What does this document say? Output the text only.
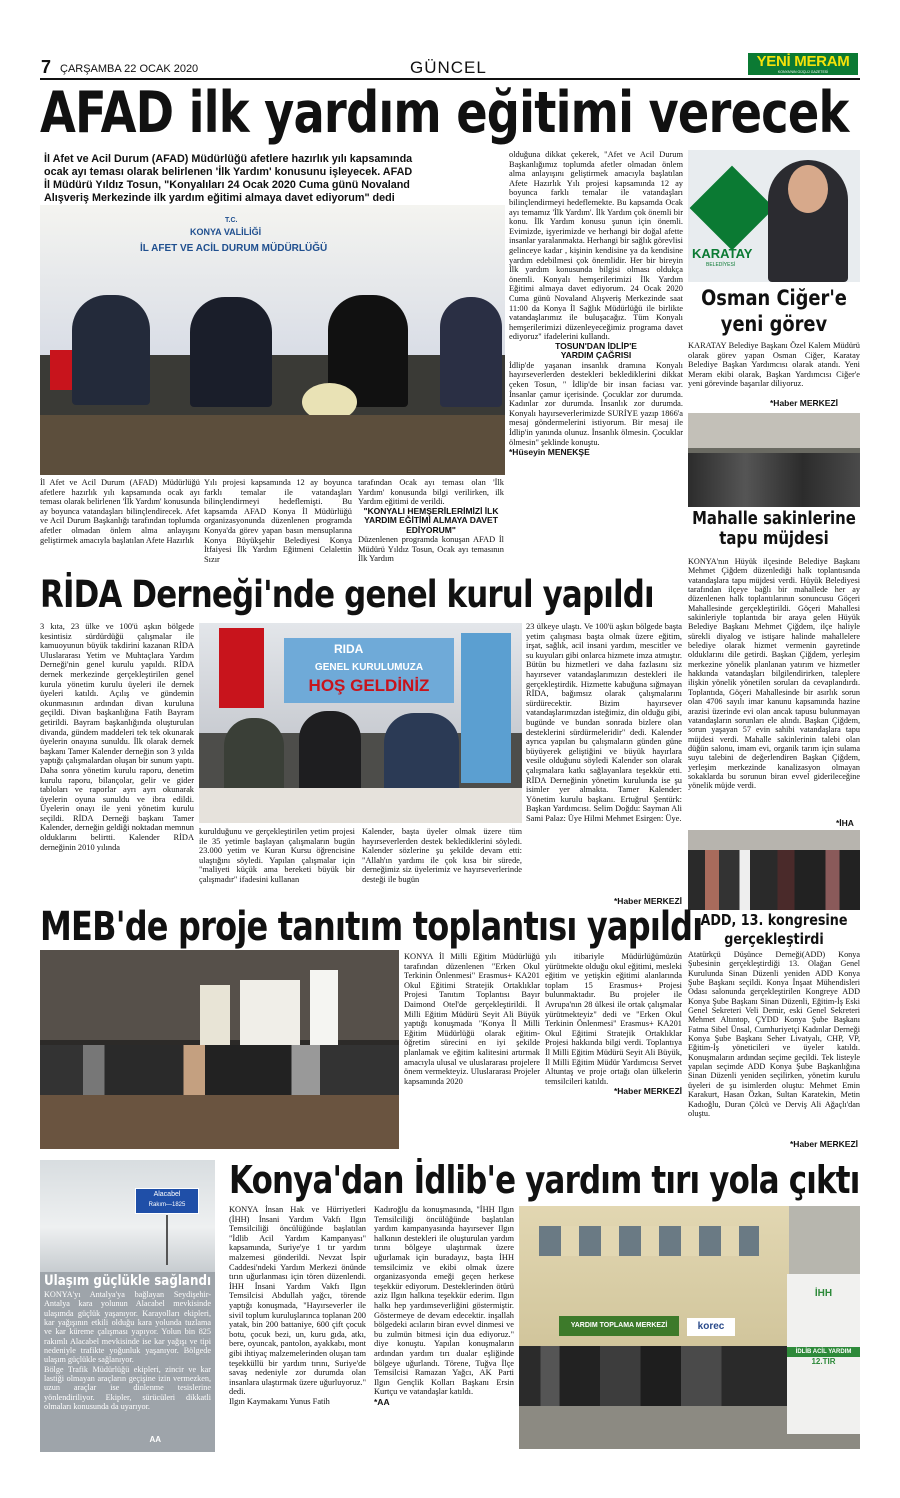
7 ÇARŞAMBA 22 OCAK 2020	GÜNCEL	YENİ MERAM
KONYA'NIN GÜÇLÜ GAZETESİ
AFAD ilk yardım eğitimi verecek
İl Afet ve Acil Durum (AFAD) Müdürlüğü afetlere hazırlık yılı kapsamında
ocak ayı teması olarak belirlenen 'İlk Yardım' konusunu işleyecek. AFAD
İl Müdürü Yıldız Tosun, "Konyalıları 24 Ocak 2020 Cuma günü Novaland
Alışveriş Merkezinde ilk yardım eğitimi almaya davet ediyorum" dedi
T.C.
KONYA VALİLİĞİ
İL AFET VE ACİL DURUM MÜDÜRLÜĞÜ
İl Afet ve Acil Durum (AFAD) Müdürlüğü afetlere hazırlık yılı kapsamında ocak ayı teması olarak belirlenen 'İlk Yardım' konusunda ay boyunca vatandaşları bilinçlendirecek. Afet ve Acil Durum Başkanlığı tarafından toplumda afetler olmadan önlem alma anlayışını geliştirmek amacıyla başlatılan Afete Hazırlık
Yılı projesi kapsamında 12 ay boyunca farklı temalar ile vatandaşları bilinçlendirmeyi hedeflemişti. Bu kapsamda AFAD Konya İl Müdürlüğü organizasyonunda düzenlenen programda Konya'da görev yapan basın mensuplarına Konya Büyükşehir Belediyesi Konya İtfaiyesi İlk Yardım Eğitmeni Celalettin Sızır
tarafından Ocak ayı teması olan 'İlk Yardım' konusunda bilgi verilirken, ilk Yardım eğitimi de verildi.
"KONYALI HEMŞERİLERİMİZİ İLK YARDIM EĞİTİMİ ALMAYA DAVET EDİYORUM"
Düzenlenen programda konuşan AFAD İl Müdürü Yıldız Tosun, Ocak ayı temasının İlk Yardım
olduğuna dikkat çekerek, "Afet ve Acil Durum Başkanlığımız toplumda afetler olmadan önlem alma anlayışını geliştirmek amacıyla başlatılan Afete Hazırlık Yılı projesi kapsamında 12 ay boyunca farklı temalar ile vatandaşları bilinçlendirmeyi hedeflemekte. Bu kapsamda Ocak ayı temamız 'İlk Yardım'. İlk Yardım çok önemli bir konu. İlk Yardım konusu şunun için önemli. Evimizde, işyerimizde ve herhangi bir doğal afette insanlar yaralanmakta. Herhangi bir sağlık görevlisi gelinceye kadar , kişinin kendisine ya da kendisine yardım edebilmesi çok önemlidir. Her bir bireyin İlk yardım konusunda bilgisi olması oldukça önemli. Konyalı hemşerilerimizi İlk Yardım Eğitimi almaya davet ediyorum. 24 Ocak 2020 Cuma günü Novaland Alışveriş Merkezinde saat 11:00 da Konya İl Sağlık Müdürlüğü ile birlikte vatandaşlarımız ile buluşacağız. Tüm Konyalı hemşerilerimizi düzenleyeceğimiz programa davet ediyoruz" ifadelerini kullandı.
TOSUN'DAN İDLİP'E
YARDIM ÇAĞRISI
İdlip'de yaşanan insanlık dramına Konyalı hayırseverlerden destekleri beklediklerini dikkat çeken Tosun, " İdlip'de bir insan faciası var. İnsanlar çamur içerisinde. Çocuklar zor durumda. Kadınlar zor durumda. İnsanlık zor durumda. Konyalı hayırseverlerimizde SURİYE yazıp 1866'a mesaj göndermelerini istiyorum. Bir mesaj ile İdlip'in yanında olunuz. İnsanlık ölmesin. Çocuklar ölmesin" şeklinde konuştu.
*Hüseyin MENEKŞE
KARATAY
BELEDİYESİ
Osman Ciğer'e
yeni görev
KARATAY Belediye Başkanı Özel Kalem Müdürü olarak görev yapan Osman Ciğer, Karatay Belediye Başkan Yardımcısı olarak atandı. Yeni Meram ekibi olarak, Başkan Yardımcısı Ciğer'e yeni görevinde başarılar diliyoruz.
*Haber MERKEZİ
Mahalle sakinlerine
tapu müjdesi
KONYA'nın Hüyük ilçesinde Belediye Başkanı Mehmet Çiğdem düzenlediği halk toplantısında vatandaşlara tapu müjdesi verdi. Hüyük Belediyesi tarafından ilçeye bağlı bir mahallede her ay düzenlenen halk toplantılarının sonuncusu Göçeri Mahallesinde gerçekleştirildi. Göçeri Mahallesi sakinleriyle toplantıda bir araya gelen Hüyük Belediye Başkanı Mehmet Çiğdem, ilçe haliyle sürekli diyalog ve istişare halinde mahallelere belediye olarak hizmet vermenin gayretinde olduklarını dile getirdi. Başkan Çiğdem, yerleşim merkezine yönelik planlanan yatırım ve hizmetler hakkında vatandaşları bilgilendirirken, taleplere ilişkin yönelik yönetilen soruları da cevaplandırdı. Toplantıda, Göçeri Mahallesinde bir asırlık sorun olan 4706 sayılı imar kanunu kapsamında hazine arazisi üzerinde evi olan ancak tapusu bulunmayan vatandaşların sorunları ele alındı. Başkan Çiğdem, sorun yaşayan 57 evin sahibi vatandaşlara tapu müjdesi verdi. Mahalle sakinlerinin talebi olan düğün salonu, imam evi, organik tarım için sulama suyu talebini de değerlendiren Başkan Çiğdem, yerleşim merkezinde kanalizasyon olmayan sokaklarda bu sorunun biran evvel giderileceğine yönelik müjde verdi.
*İHA
RİDA Derneği'nde genel kurul yapıldı
3 kıta, 23 ülke ve 100'ü aşkın bölgede kesintisiz sürdürdüğü çalışmalar ile kamuoyunun büyük takdirini kazanan RİDA Uluslararası Yetim ve Muhtaçlara Yardım Derneği'nin genel kurulu yapıldı. RİDA dernek merkezinde gerçekleştirilen genel kurula yönetim kurulu üyeleri ile dernek üyeleri katıldı. Açılış ve gündemin okunmasının ardından divan kuruluna geçildi. Divan başkanlığına Fatih Bayram getirildi. Bayram başkanlığında oluşturulan divanda, gündem maddeleri tek tek okunarak üyelerin onayına sunuldu. İlk olarak dernek başkanı Tamer Kalender derneğin son 3 yılda yaptığı çalışmalardan oluşan bir sunum yaptı. Daha sonra yönetim kurulu raporu, denetim kurulu raporu, bilançolar, gelir ve gider tabloları ve raporlar ayrı ayrı okunarak üyelerin oyuna sunuldu ve ibra edildi. Üyelerin onayı ile yeni yönetim kurulu seçildi. RİDA Derneği başkanı Tamer Kalender, derneğin geldiği noktadan memnun olduklarını belirtti. Kalender RİDA derneğinin 2010 yılında
RIDA
GENEL KURULUMUZA
HOŞ GELDİNİZ
kurulduğunu ve gerçekleştirilen yetim projesi ile 35 yetimle başlayan çalışmaların bugün 23.000 yetim ve Kuran Kursu öğrencisine ulaştığını söyledi. Yapılan çalışmalar için "maliyeti küçük ama bereketi büyük bir çalışmadır" ifadesini kullanan
Kalender, başta üyeler olmak üzere tüm hayırseverlerden destek beklediklerini söyledi. Kalender sözlerine şu şekilde devam etti: "Allah'ın yardımı ile çok kısa bir sürede, derneğimiz siz üyelerimiz ve hayırseverlerinde desteği ile bugün
23 ülkeye ulaştı. Ve 100'ü aşkın bölgede başta yetim çalışması başta olmak üzere eğitim, irşat, sağlık, acil insani yardım, mescitler ve su kuyuları gibi onlarca hizmete imza atmıştır. Bütün bu hizmetleri ve daha fazlasını siz hayırsever vatandaşlarımızın destekleri ile gerçekleştirdik. Hizmette kabuğuna sığmayan RİDA, bağımsız olarak çalışmalarını sürdürecektir. Bizim hayırsever vatandaşlarımızdan isteğimiz, din olduğu gibi, bugünde ve bundan sonrada bizlere olan desteklerini sürdürmeleridir" dedi. Kalender ayrıca yapılan bu çalışmaların günden güne büyüyerek geliştiğini ve büyük hayırlara vesile olduğunu söyledi Kalender son olarak çalışmalara katkı sağlayanlara teşekkür etti. RİDA Derneğinin yönetim kurulunda ise şu isimler yer almakta. Tamer Kalender: Yönetim kurulu başkanı. Ertuğrul Şentürk: Başkan Yardımcısı. Selim Doğdu: Sayman Ali Sami Palaz: Üye Hilmi Mehmet Esirgen: Üye.
*Haber MERKEZİ
ADD, 13. kongresine
gerçekleştirdi
Atatürkçü Düşünce Derneği(ADD) Konya Şubesinin gerçekleştirdiği 13. Olağan Genel Kurulunda Sinan Düzenli yeniden ADD Konya Şube Başkanı seçildi. Konya İnşaat Mühendisleri Odası salonunda gerçekleştirilen Kongreye ADD Konya Şube Başkanı Sinan Düzenli, Eğitim-İş Eski Genel Sekreteri Veli Demir, eski Genel Sekreteri Mehmet Altıntop, ÇYDD Konya Şube Başkanı Fatma Sibel Ünsal, Cumhuriyetçi Kadınlar Derneği Konya Şube Başkanı Seher Livatyalı, CHP, VP, Eğitim-İş yöneticileri ve üyeler katıldı. Konuşmaların ardından seçime geçildi. Tek listeyle yapılan seçimde ADD Konya Şube Başkanlığına Sinan Düzenli yeniden seçilirken, yönetim kurulu üyeleri de şu isimlerden oluştu: Mehmet Emin Karakurt, Hasan Özkan, Sultan Karatekin, Metin Kadıoğlu, Duran Çölcü ve Derviş Ali Ağaçlı'dan oluştu.
*Haber MERKEZİ
MEB'de proje tanıtım toplantısı yapıldı
KONYA İl Milli Eğitim Müdürlüğü tarafından düzenlenen "Erken Okul Terkinin Önlenmesi" Erasmus+ KA201 Okul Eğitimi Stratejik Ortaklıklar Projesi Tanıtım Toplantısı Bayır Daimond Otel'de gerçekleştirildi. İl Milli Eğitim Müdürü Seyit Ali Büyük yaptığı konuşmada "Konya İl Milli Eğitim Müdürlüğü olarak eğitim-öğretim sürecini en iyi şekilde planlamak ve eğitim kalitesini artırmak amacıyla ulusal ve uluslararası projelere önem vermekteyiz. Uluslararası Projeler kapsamında 2020
yılı itibariyle Müdürlüğümüzün yürütmekte olduğu okul eğitimi, mesleki eğitim ve yetişkin eğitimi alanlarında toplam 15 Erasmus+ Projesi bulunmaktadır. Bu projeler ile Avrupa'nın 28 ülkesi ile ortak çalışmalar yürütmekteyiz" dedi ve "Erken Okul Terkinin Önlenmesi" Erasmus+ KA201 Okul Eğitimi Stratejik Ortaklıklar Projesi hakkında bilgi verdi. Toplantıya İl Milli Eğitim Müdürü Seyit Ali Büyük, İl Milli Eğitim Müdür Yardımcısı Servet Altuntaş ve proje ortağı olan ülkelerin temsilcileri katıldı.
*Haber MERKEZİ
Alacabel
Rakım—1825
Ulaşım güçlükle sağlandı
KONYA'yı Antalya'ya bağlayan Seydişehir-Antalya kara yolunun Alacabel mevkisinde ulaşımda güçlük yaşanıyor. Karayolları ekipleri, kar yağışının etkili olduğu kara yolunda tuzlama ve kar küreme çalışması yapıyor. Yolun bin 825 rakımlı Alacabel mevkisinde ise kar yağışı ve tipi nedeniyle trafikte yoğunluk yaşanıyor. Bölgede ulaşım güçlükle sağlanıyor.
Bölge Trafik Müdürlüğü ekipleri, zincir ve kar lastiği olmayan araçların geçişine izin vermezken, uzun araçlar ise dinlenme tesislerine yönlendiriliyor. Ekipler, sürücüleri dikkatli olmaları konusunda da uyarıyor.
AA
Konya'dan İdlib'e yardım tırı yola çıktı
KONYA İnsan Hak ve Hürriyetleri (İHH) İnsani Yardım Vakfı Ilgın Temsilciliği öncülüğünde başlatılan "İdlib Acil Yardım Kampanyası" kapsamında, Suriye'ye 1 tır yardım malzemesi gönderildi. Nevzat İspir Caddesi'ndeki Yardım Merkezi önünde tırın uğurlanması için tören düzenlendi. İHH İnsani Yardım Vakfı Ilgın Temsilcisi Abdullah yağcı, törende yaptığı konuşmada, "Hayırseverler ile sivil toplum kuruluşlarınca toplanan 200 yatak, bin 200 battaniye, 600 çift çocuk botu, çocuk bezi, un, kuru gıda, atkı, bere, oyuncak, pantolon, ayakkabı, mont gibi ihtiyaç malzemelerinden oluşan tam teşekküllü bir yardım tırını, Suriye'de savaş nedeniyle zor durumda olan insanlara ulaştırmak üzere uğurluyoruz." dedi.
Ilgın Kaymakamı Yunus Fatih
Kadıroğlu da konuşmasında, "İHH Ilgın Temsilciliği öncülüğünde başlatılan yardım kampanyasında hayırsever Ilgın halkının destekleri ile oluşturulan yardım tırını bölgeye ulaştırmak üzere uğurlamak için buradayız, başta İHH temsilcimiz ve ekibi olmak üzere organizasyonda emeği geçen herkese teşekkür ediyorum. Desteklerinden ötürü aziz Ilgın halkına teşekkür ederim. Ilgın halkı hep yardımseverliğini göstermiştir. Göstermeye de devam edecektir. inşallah bölgedeki acıların biran evvel dinmesi ve bu zulmün bitmesi için dua ediyoruz." diye konuştu. Yapılan konuşmaların ardından yardım tırı dualar eşliğinde bölgeye uğurlandı. Törene, Tuğva İlçe Temsilcisi Ramazan Yağcı, AK Parti Ilgın Gençlik Kolları Başkanı Ersin Kurtçu ve vatandaşlar katıldı.
*AA
YARDIM TOPLAMA MERKEZİ	korec
İHH
İDLİB ACİL YARDIM
12.TIR
